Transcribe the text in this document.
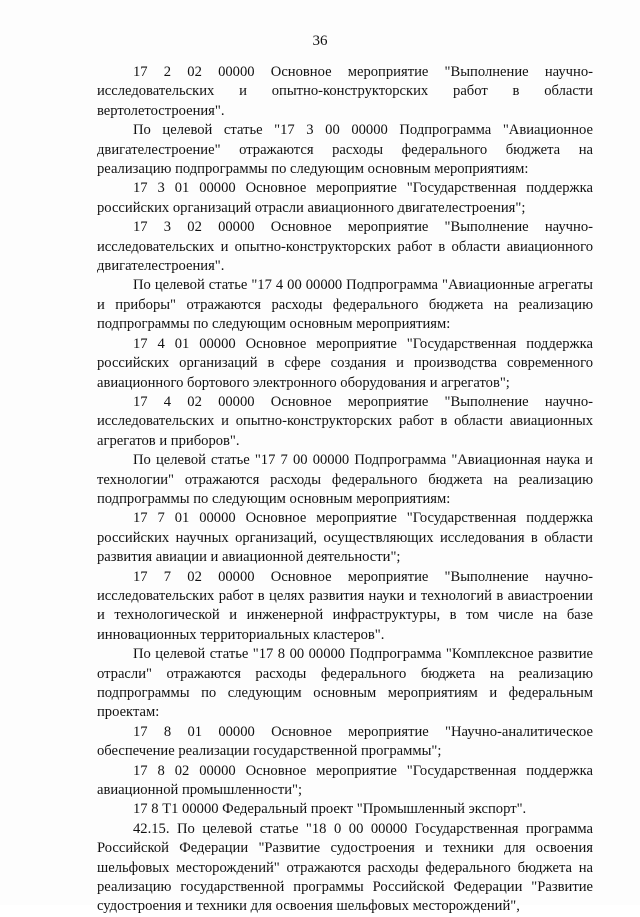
36

17 2 02 00000 Основное мероприятие "Выполнение научно-исследовательских и опытно-конструкторских работ в области вертолетостроения".

По целевой статье "17 3 00 00000 Подпрограмма "Авиационное двигателестроение" отражаются расходы федерального бюджета на реализацию подпрограммы по следующим основным мероприятиям:

17 3 01 00000 Основное мероприятие "Государственная поддержка российских организаций отрасли авиационного двигателестроения";

17 3 02 00000 Основное мероприятие "Выполнение научно-исследовательских и опытно-конструкторских работ в области авиационного двигателестроения".

По целевой статье "17 4 00 00000 Подпрограмма "Авиационные агрегаты и приборы" отражаются расходы федерального бюджета на реализацию подпрограммы по следующим основным мероприятиям:

17 4 01 00000 Основное мероприятие "Государственная поддержка российских организаций в сфере создания и производства современного авиационного бортового электронного оборудования и агрегатов";

17 4 02 00000 Основное мероприятие "Выполнение научно-исследовательских и опытно-конструкторских работ в области авиационных агрегатов и приборов".

По целевой статье "17 7 00 00000 Подпрограмма "Авиационная наука и технологии" отражаются расходы федерального бюджета на реализацию подпрограммы по следующим основным мероприятиям:

17 7 01 00000 Основное мероприятие "Государственная поддержка российских научных организаций, осуществляющих исследования в области развития авиации и авиационной деятельности";

17 7 02 00000 Основное мероприятие "Выполнение научно-исследовательских работ в целях развития науки и технологий в авиастроении и технологической и инженерной инфраструктуры, в том числе на базе инновационных территориальных кластеров".

По целевой статье "17 8 00 00000 Подпрограмма "Комплексное развитие отрасли" отражаются расходы федерального бюджета на реализацию подпрограммы по следующим основным мероприятиям и федеральным проектам:

17 8 01 00000 Основное мероприятие "Научно-аналитическое обеспечение реализации государственной программы";

17 8 02 00000 Основное мероприятие "Государственная поддержка авиационной промышленности";

17 8 Т1 00000 Федеральный проект "Промышленный экспорт".

42.15. По целевой статье "18 0 00 00000 Государственная программа Российской Федерации "Развитие судостроения и техники для освоения шельфовых месторождений" отражаются расходы федерального бюджета на реализацию государственной программы Российской Федерации "Развитие судостроения и техники для освоения шельфовых месторождений",
